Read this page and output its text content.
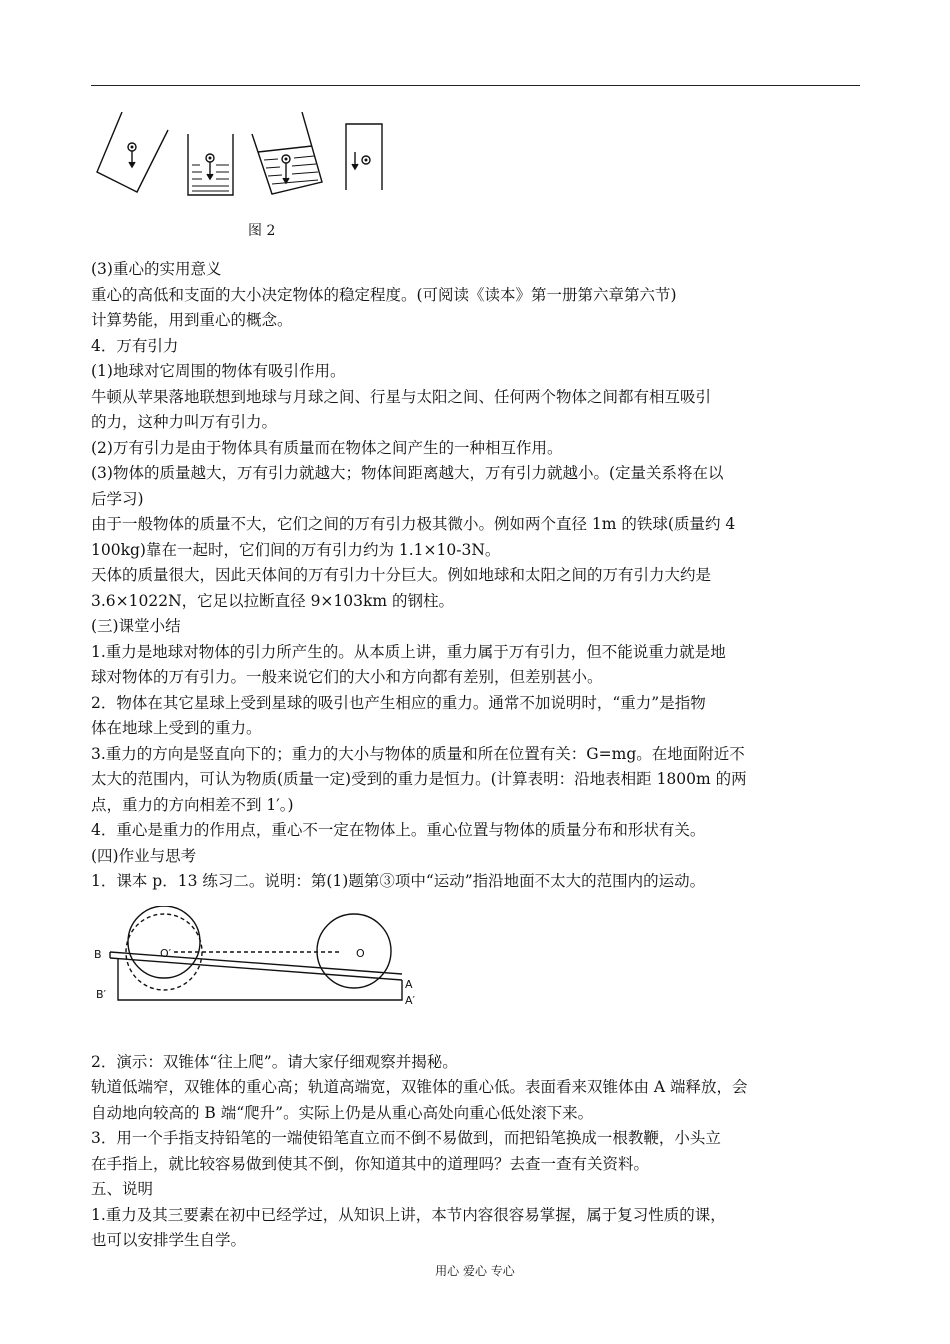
图 2

(3)重心的实用意义

重心的高低和支面的大小决定物体的稳定程度。(可阅读《读本》第一册第六章第六节)

计算势能，用到重心的概念。

4．万有引力

(1)地球对它周围的物体有吸引作用。

牛顿从苹果落地联想到地球与月球之间、行星与太阳之间、任何两个物体之间都有相互吸引

的力，这种力叫万有引力。

(2)万有引力是由于物体具有质量而在物体之间产生的一种相互作用。

(3)物体的质量越大，万有引力就越大；物体间距离越大，万有引力就越小。(定量关系将在以

后学习)

由于一般物体的质量不大，它们之间的万有引力极其微小。例如两个直径 1m 的铁球(质量约 4

100kg)靠在一起时，它们间的万有引力约为 1.1×10-3N。

天体的质量很大，因此天体间的万有引力十分巨大。例如地球和太阳之间的万有引力大约是

3.6×1022N，它足以拉断直径 9×103km 的钢柱。

(三)课堂小结

1.重力是地球对物体的引力所产生的。从本质上讲，重力属于万有引力，但不能说重力就是地

球对物体的万有引力。一般来说它们的大小和方向都有差别，但差别甚小。

2．物体在其它星球上受到星球的吸引也产生相应的重力。通常不加说明时，“重力”是指物

体在地球上受到的重力。

3.重力的方向是竖直向下的；重力的大小与物体的质量和所在位置有关：G=mg。在地面附近不

太大的范围内，可认为物质(质量一定)受到的重力是恒力。(计算表明：沿地表相距 1800m 的两

点，重力的方向相差不到 1′。)

4．重心是重力的作用点，重心不一定在物体上。重心位置与物体的质量分布和形状有关。

(四)作业与思考

1．课本 p．13 练习二。说明：第(1)题第③项中“运动”指沿地面不太大的范围内的运动。

2．演示：双锥体“往上爬”。请大家仔细观察并揭秘。

轨道低端窄，双锥体的重心高；轨道高端宽，双锥体的重心低。表面看来双锥体由 A 端释放，会

自动地向较高的 B 端“爬升”。实际上仍是从重心高处向重心低处滚下来。

3．用一个手指支持铅笔的一端使铅笔直立而不倒不易做到，而把铅笔换成一根教鞭，小头立

在手指上，就比较容易做到使其不倒，你知道其中的道理吗？去查一查有关资料。

五、说明

1.重力及其三要素在初中已经学过，从知识上讲，本节内容很容易掌握，属于复习性质的课，

也可以安排学生自学。

B
B′
O′	O
A
A′
用心 爱心 专心
